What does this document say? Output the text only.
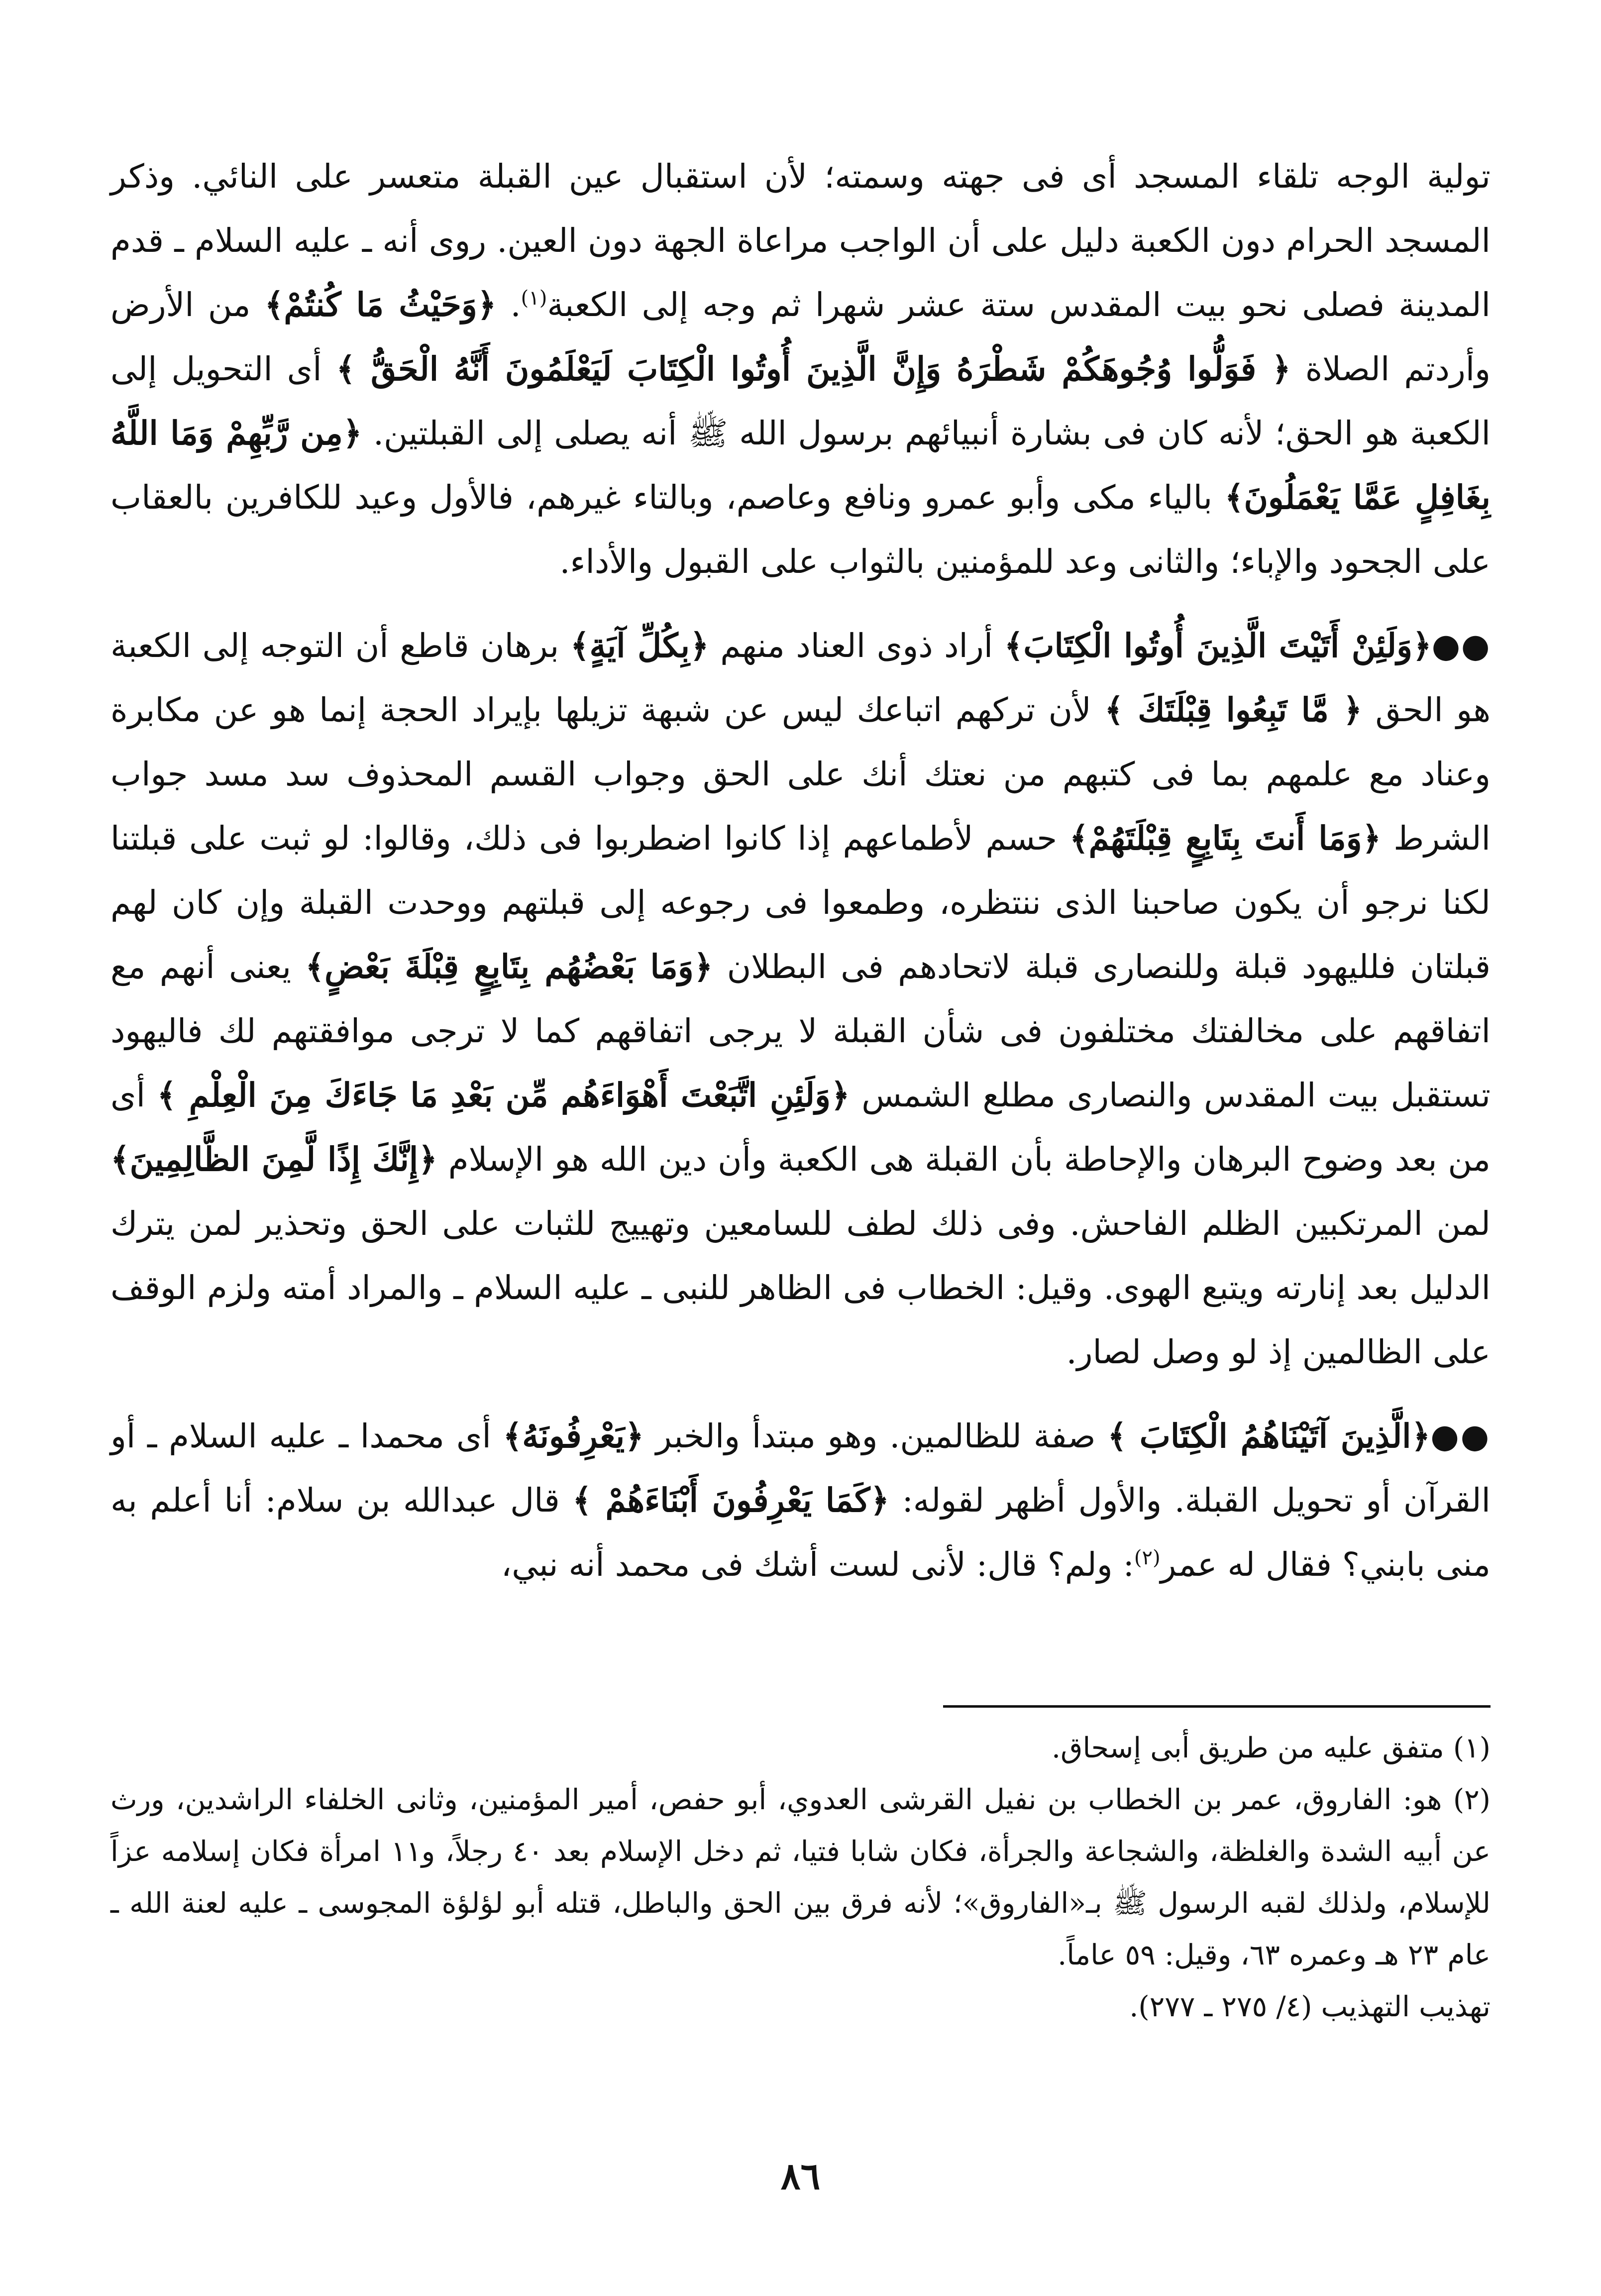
تولية الوجه تلقاء المسجد أى فى جهته وسمته؛ لأن استقبال عين القبلة متعسر على النائي. وذكر المسجد الحرام دون الكعبة دليل على أن الواجب مراعاة الجهة دون العين. روى أنه ـ عليه السلام ـ قدم المدينة فصلى نحو بيت المقدس ستة عشر شهرا ثم وجه إلى الكعبة$^{(١)}$. ﴿وَحَيْثُ مَا كُنتُمْ﴾ من الأرض وأردتم الصلاة ﴿ فَوَلُّوا وُجُوهَكُمْ شَطْرَهُ وَإِنَّ الَّذِينَ أُوتُوا الْكِتَابَ لَيَعْلَمُونَ أَنَّهُ الْحَقُّ ﴾ أى التحويل إلى الكعبة هو الحق؛ لأنه كان فى بشارة أنبيائهم برسول الله ﷺ أنه يصلى إلى القبلتين. ﴿مِن رَّبِّهِمْ وَمَا اللَّهُ بِغَافِلٍ عَمَّا يَعْمَلُونَ﴾ بالياء مكى وأبو عمرو ونافع وعاصم، وبالتاء غيرهم، فالأول وعيد للكافرين بالعقاب على الجحود والإباء؛ والثانى وعد للمؤمنين بالثواب على القبول والأداء.

●●﴿وَلَئِنْ أَتَيْتَ الَّذِينَ أُوتُوا الْكِتَابَ﴾ أراد ذوى العناد منهم ﴿بِكُلِّ آيَةٍ﴾ برهان قاطع أن التوجه إلى الكعبة هو الحق ﴿ مَّا تَبِعُوا قِبْلَتَكَ ﴾ لأن تركهم اتباعك ليس عن شبهة تزيلها بإيراد الحجة إنما هو عن مكابرة وعناد مع علمهم بما فى كتبهم من نعتك أنك على الحق وجواب القسم المحذوف سد مسد جواب الشرط ﴿وَمَا أَنتَ بِتَابِعٍ قِبْلَتَهُمْ﴾ حسم لأطماعهم إذا كانوا اضطربوا فى ذلك، وقالوا: لو ثبت على قبلتنا لكنا نرجو أن يكون صاحبنا الذى ننتظره، وطمعوا فى رجوعه إلى قبلتهم ووحدت القبلة وإن كان لهم قبلتان فلليهود قبلة وللنصارى قبلة لاتحادهم فى البطلان ﴿وَمَا بَعْضُهُم بِتَابِعٍ قِبْلَةَ بَعْضٍ﴾ يعنى أنهم مع اتفاقهم على مخالفتك مختلفون فى شأن القبلة لا يرجى اتفاقهم كما لا ترجى موافقتهم لك فاليهود تستقبل بيت المقدس والنصارى مطلع الشمس ﴿وَلَئِنِ اتَّبَعْتَ أَهْوَاءَهُم مِّن بَعْدِ مَا جَاءَكَ مِنَ الْعِلْمِ ﴾ أى من بعد وضوح البرهان والإحاطة بأن القبلة هى الكعبة وأن دين الله هو الإسلام ﴿إِنَّكَ إِذًا لَّمِنَ الظَّالِمِينَ﴾ لمن المرتكبين الظلم الفاحش. وفى ذلك لطف للسامعين وتهييج للثبات على الحق وتحذير لمن يترك الدليل بعد إنارته ويتبع الهوى. وقيل: الخطاب فى الظاهر للنبى ـ عليه السلام ـ والمراد أمته ولزم الوقف على الظالمين إذ لو وصل لصار.

●●﴿الَّذِينَ آتَيْنَاهُمُ الْكِتَابَ ﴾ صفة للظالمين. وهو مبتدأ والخبر ﴿يَعْرِفُونَهُ﴾ أى محمدا ـ عليه السلام ـ أو القرآن أو تحويل القبلة. والأول أظهر لقوله: ﴿كَمَا يَعْرِفُونَ أَبْنَاءَهُمْ ﴾ قال عبدالله بن سلام: أنا أعلم به منى بابني؟ فقال له عمر$^{(٢)}$: ولم؟ قال: لأنى لست أشك فى محمد أنه نبي،

(١) متفق عليه من طريق أبى إسحاق.

(٢) هو: الفاروق، عمر بن الخطاب بن نفيل القرشى العدوي، أبو حفص، أمير المؤمنين، وثانى الخلفاء الراشدين، ورث عن أبيه الشدة والغلظة، والشجاعة والجرأة، فكان شابا فتيا، ثم دخل الإسلام بعد ٤٠ رجلاً، و١١ امرأة فكان إسلامه عزاً للإسلام، ولذلك لقبه الرسول ﷺ بـ«الفاروق»؛ لأنه فرق بين الحق والباطل، قتله أبو لؤلؤة المجوسى ـ عليه لعنة الله ـ عام ٢٣ هـ وعمره ٦٣، وقيل: ٥٩ عاماً.

تهذيب التهذيب (٤/ ٢٧٥ ـ ٢٧٧).

٨٦
